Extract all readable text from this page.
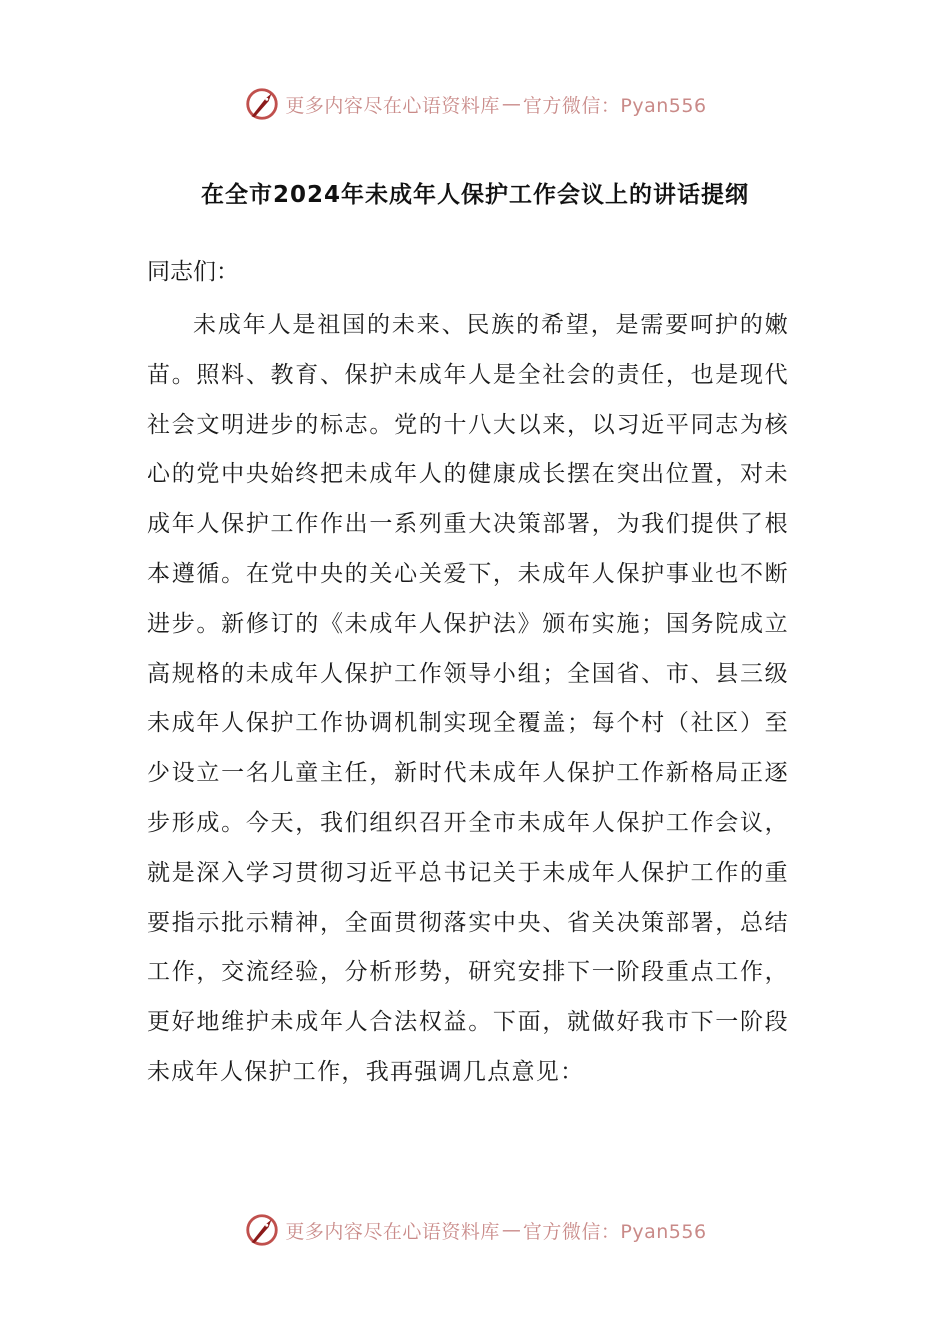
更多内容尽在心语资料库 — 官方微信：Pyan556
在全市2024年未成年人保护工作会议上的讲话提纲

同志们：

未成年人是祖国的未来、民族的希望，是需要呵护的嫩苗。照料、教育、保护未成年人是全社会的责任，也是现代社会文明进步的标志。党的十八大以来，以习近平同志为核心的党中央始终把未成年人的健康成长摆在突出位置，对未成年人保护工作作出一系列重大决策部署，为我们提供了根本遵循。在党中央的关心关爱下，未成年人保护事业也不断进步。新修订的《未成年人保护法》颁布实施；国务院成立高规格的未成年人保护工作领导小组；全国省、市、县三级未成年人保护工作协调机制实现全覆盖；每个村（社区）至少设立一名儿童主任，新时代未成年人保护工作新格局正逐步形成。今天，我们组织召开全市未成年人保护工作会议，就是深入学习贯彻习近平总书记关于未成年人保护工作的重要指示批示精神，全面贯彻落实中央、省关决策部署，总结工作，交流经验，分析形势，研究安排下一阶段重点工作，更好地维护未成年人合法权益。下面，就做好我市下一阶段未成年人保护工作，我再强调几点意见：

更多内容尽在心语资料库 — 官方微信：Pyan556
